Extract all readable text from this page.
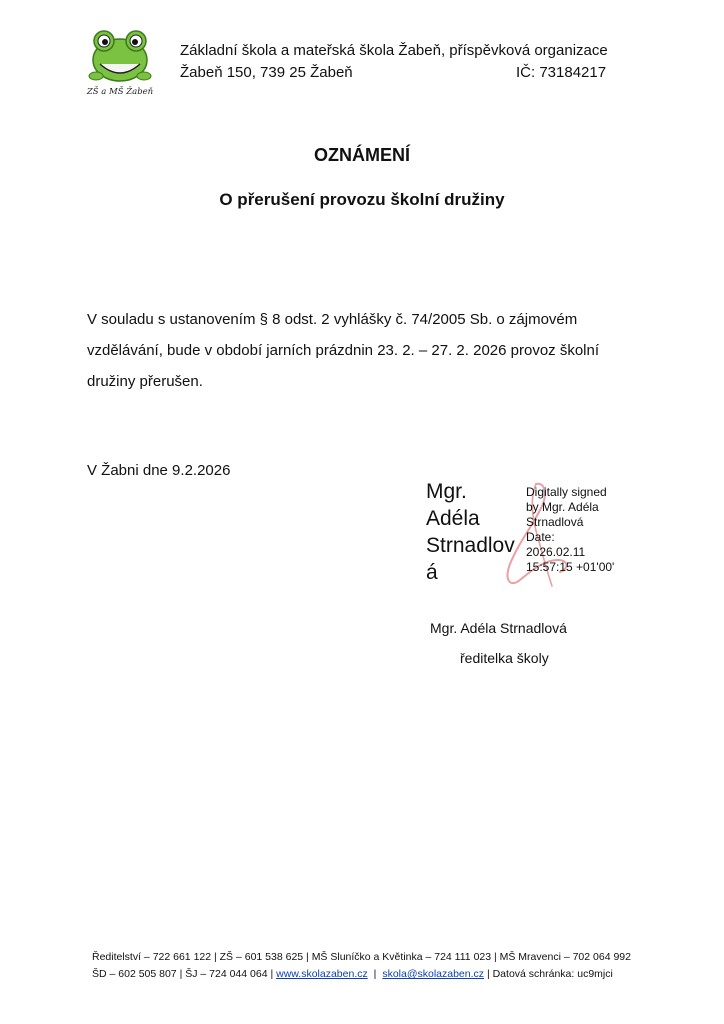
ZŠ a MŠ Žabeň
Základní škola a mateřská škola Žabeň, příspěvková organizace
Žabeň 150, 739 25 Žabeň	IČ: 73184217
OZNÁMENÍ
O přerušení provozu školní družiny

V souladu s ustanovením § 8 odst. 2 vyhlášky č. 74/2005 Sb. o zájmovém

vzdělávání, bude v období jarních prázdnin 23. 2. – 27. 2. 2026 provoz školní

družiny přerušen.

V Žabni dne 9.2.2026
Mgr.
Adéla
Strnadlov
á
Digitally signed
by Mgr. Adéla
Strnadlová
Date:
2026.02.11
15:57:15 +01'00'
Mgr. Adéla Strnadlová
ředitelka školy
Ředitelství – 722 661 122 | ZŠ – 601 538 625 | MŠ Sluníčko a Květinka – 724 111 023 | MŠ Mravenci – 702 064 992
ŠD – 602 505 807 | ŠJ – 724 044 064 | www.skolazaben.cz | skola@skolazaben.cz | Datová schránka: uc9mjci
